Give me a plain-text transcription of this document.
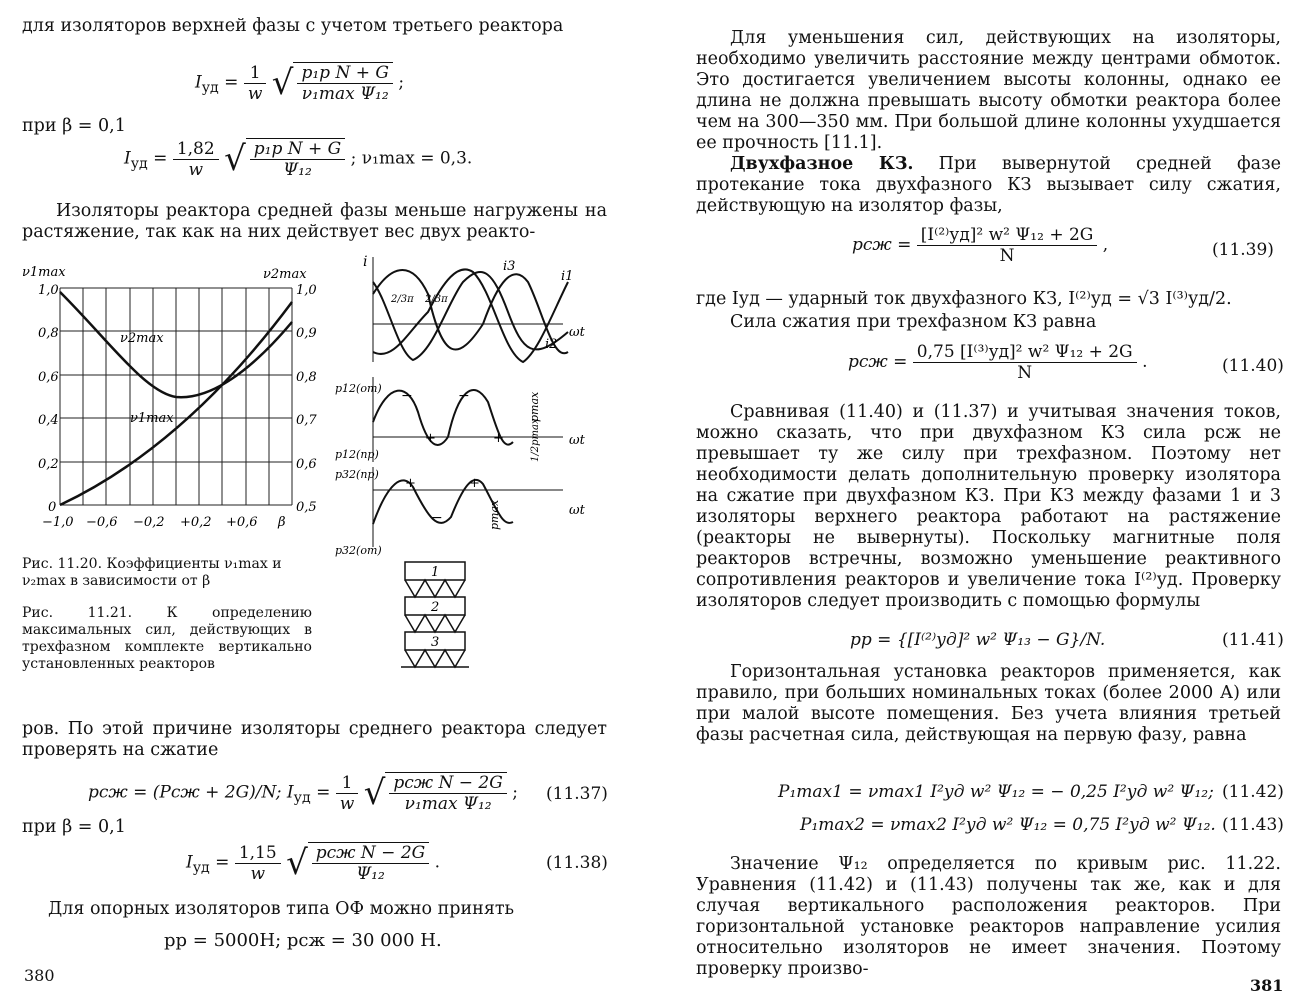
для изоляторов верхней фазы с учетом третьего реактора
$I_{уд} = \frac{1}{w}$ √ $\frac{\text{p₁р N + G}}{\text{ν₁max Ψ₁₂}}$ ;
при β = 0,1
$I_{уд} = \frac{1,82}{w}$ √ $\frac{\text{p₁р N + G}}{\text{Ψ₁₂}}$ ; ν₁max = 0,3.
Изоляторы реактора средней фазы меньше нагружены на растяжение, так как на них действует вес двух реакто-
ν1max	ν2max
ν2max
ν1max
1,0
0,8
0,6
0,4
0,2
0
1,0
0,9
0,8
0,7
0,6
0,5
−1,0 −0,6 −0,2 +0,2 +0,6 β
Рис. 11.20. Коэффициенты ν₁max и ν₂max в зависимости от β
Рис. 11.21. К определению максимальных сил, действующих в трехфазном комплекте вертикально установленных реакторов
i	i3
i1
i2
ωt
2/3π 2/3π
p12(от)
p12(пр)
−	−
+	+	ωt
pmax
1/2pmax
p32(пр)
p32(от)
+	+
−	ωt
pmax
1
2
3
ров. По этой причине изоляторы среднего реактора следует проверять на сжатие
pсж = (Pсж + 2G)/N; $I_{уд} = \frac{1}{w}$ √ $\frac{\text{pсж N − 2G}}{\text{ν₁max Ψ₁₂}}$ ; (11.37)
при β = 0,1
$I_{уд} = \frac{1,15}{w}$ √ $\frac{\text{pсж N − 2G}}{\text{Ψ₁₂}}$ .	(11.38)
Для опорных изоляторов типа ОФ можно принять
pр = 5000Н; pсж = 30 000 Н.
380
Для уменьшения сил, действующих на изоляторы, необходимо увеличить расстояние между центрами обмоток. Это достигается увеличением высоты колонны, однако ее длина не должна превышать высоту обмотки реактора более чем на 300—350 мм. При большой длине колонны ухудшается ее прочность [11.1].
Двухфазное КЗ. При вывернутой средней фазе протекание тока двухфазного КЗ вызывает силу сжатия, действующую на изолятор фазы,
pсж = $\frac{\text{[I⁽²⁾уд]² w² Ψ₁₂ + 2G}}{N}$ ,	(11.39)
где Iуд — ударный ток двухфазного КЗ, I⁽²⁾уд = √3 I⁽³⁾уд/2.
Сила сжатия при трехфазном КЗ равна
pсж = $\frac{\text{0,75 [I⁽³⁾уд]² w² Ψ₁₂ + 2G}}{N}$ .	(11.40)
Сравнивая (11.40) и (11.37) и учитывая значения токов, можно сказать, что при двухфазном КЗ сила pсж не превышает ту же силу при трехфазном. Поэтому нет необходимости делать дополнительную проверку изолятора на сжатие при двухфазном КЗ. При КЗ между фазами 1 и 3 изоляторы верхнего реактора работают на растяжение (реакторы не вывернуты). Поскольку магнитные поля реакторов встречны, возможно уменьшение реактивного сопротивления реакторов и увеличение тока I⁽²⁾уд. Проверку изоляторов следует производить с помощью формулы
pр = {[I⁽²⁾уд]² w² Ψ₁₃ − G}/N.	(11.41)
Горизонтальная установка реакторов применяется, как правило, при больших номинальных токах (более 2000 А) или при малой высоте помещения. Без учета влияния третьей фазы расчетная сила, действующая на первую фазу, равна
P₁max1 = νmax1 I²уд w² Ψ₁₂ = − 0,25 I²уд w² Ψ₁₂; (11.42)
P₁max2 = νmax2 I²уд w² Ψ₁₂ = 0,75 I²уд w² Ψ₁₂. (11.43)
Значение Ψ₁₂ определяется по кривым рис. 11.22. Уравнения (11.42) и (11.43) получены так же, как и для случая вертикального расположения реакторов. При горизонтальной установке реакторов направление усилия относительно изоляторов не имеет значения. Поэтому проверку произво-
381
